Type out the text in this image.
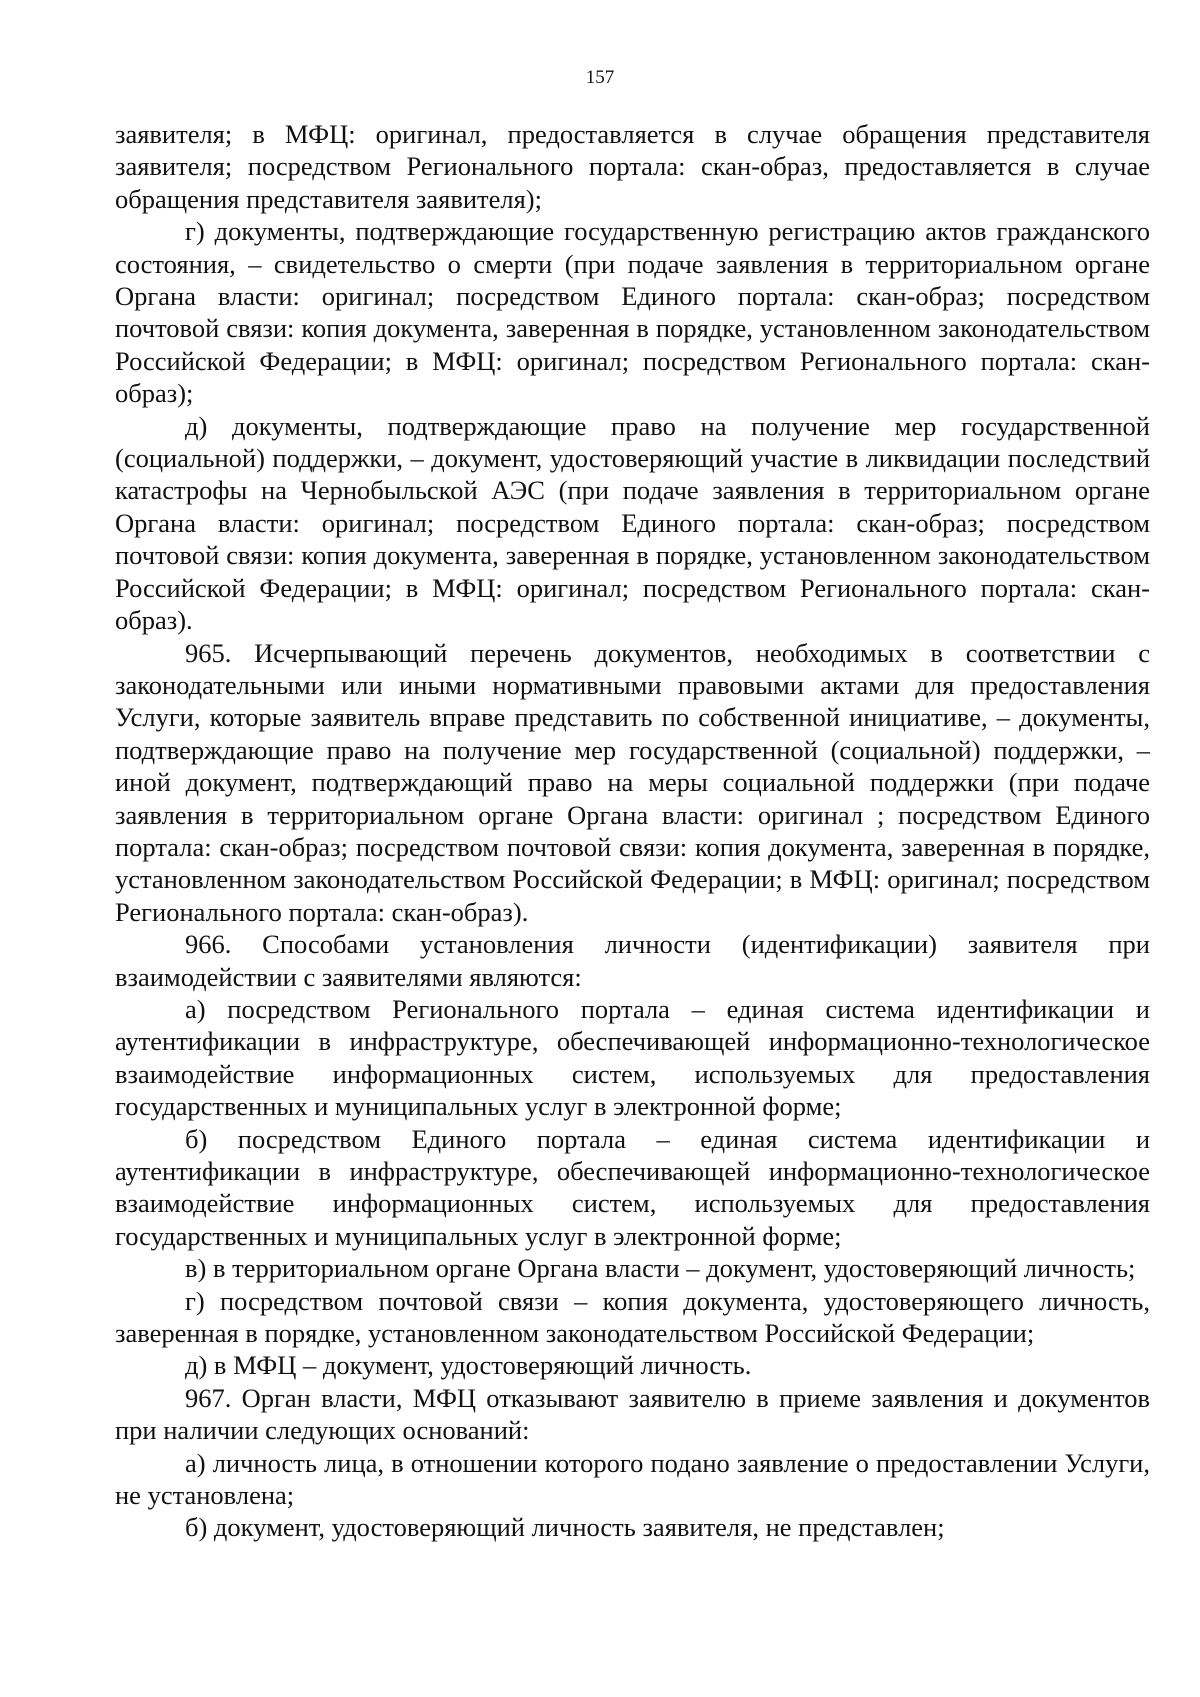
157

заявителя; в МФЦ: оригинал, предоставляется в случае обращения представителя заявителя; посредством Регионального портала: скан-образ, предоставляется в случае обращения представителя заявителя);

г) документы, подтверждающие государственную регистрацию актов гражданского состояния, – свидетельство о смерти (при подаче заявления в территориальном органе Органа власти: оригинал; посредством Единого портала: скан-образ; посредством почтовой связи: копия документа, заверенная в порядке, установленном законодательством Российской Федерации; в МФЦ: оригинал; посредством Регионального портала: скан-образ);

д) документы, подтверждающие право на получение мер государственной (социальной) поддержки, – документ, удостоверяющий участие в ликвидации последствий катастрофы на Чернобыльской АЭС (при подаче заявления в территориальном органе Органа власти: оригинал; посредством Единого портала: скан-образ; посредством почтовой связи: копия документа, заверенная в порядке, установленном законодательством Российской Федерации; в МФЦ: оригинал; посредством Регионального портала: скан-образ).

965. Исчерпывающий перечень документов, необходимых в соответствии с законодательными или иными нормативными правовыми актами для предоставления Услуги, которые заявитель вправе представить по собственной инициативе, – документы, подтверждающие право на получение мер государственной (социальной) поддержки, – иной документ, подтверждающий право на меры социальной поддержки (при подаче заявления в территориальном органе Органа власти: оригинал ; посредством Единого портала: скан-образ; посредством почтовой связи: копия документа, заверенная в порядке, установленном законодательством Российской Федерации; в МФЦ: оригинал; посредством Регионального портала: скан-образ).

966. Способами установления личности (идентификации) заявителя при взаимодействии с заявителями являются:

а) посредством Регионального портала – единая система идентификации и аутентификации в инфраструктуре, обеспечивающей информационно-технологическое взаимодействие информационных систем, используемых для предоставления государственных и муниципальных услуг в электронной форме;

б) посредством Единого портала – единая система идентификации и аутентификации в инфраструктуре, обеспечивающей информационно-технологическое взаимодействие информационных систем, используемых для предоставления государственных и муниципальных услуг в электронной форме;

в) в территориальном органе Органа власти – документ, удостоверяющий личность;

г) посредством почтовой связи – копия документа, удостоверяющего личность, заверенная в порядке, установленном законодательством Российской Федерации;

д) в МФЦ – документ, удостоверяющий личность.

967. Орган власти, МФЦ отказывают заявителю в приеме заявления и документов при наличии следующих оснований:

а) личность лица, в отношении которого подано заявление о предоставлении Услуги, не установлена;

б) документ, удостоверяющий личность заявителя, не представлен;
